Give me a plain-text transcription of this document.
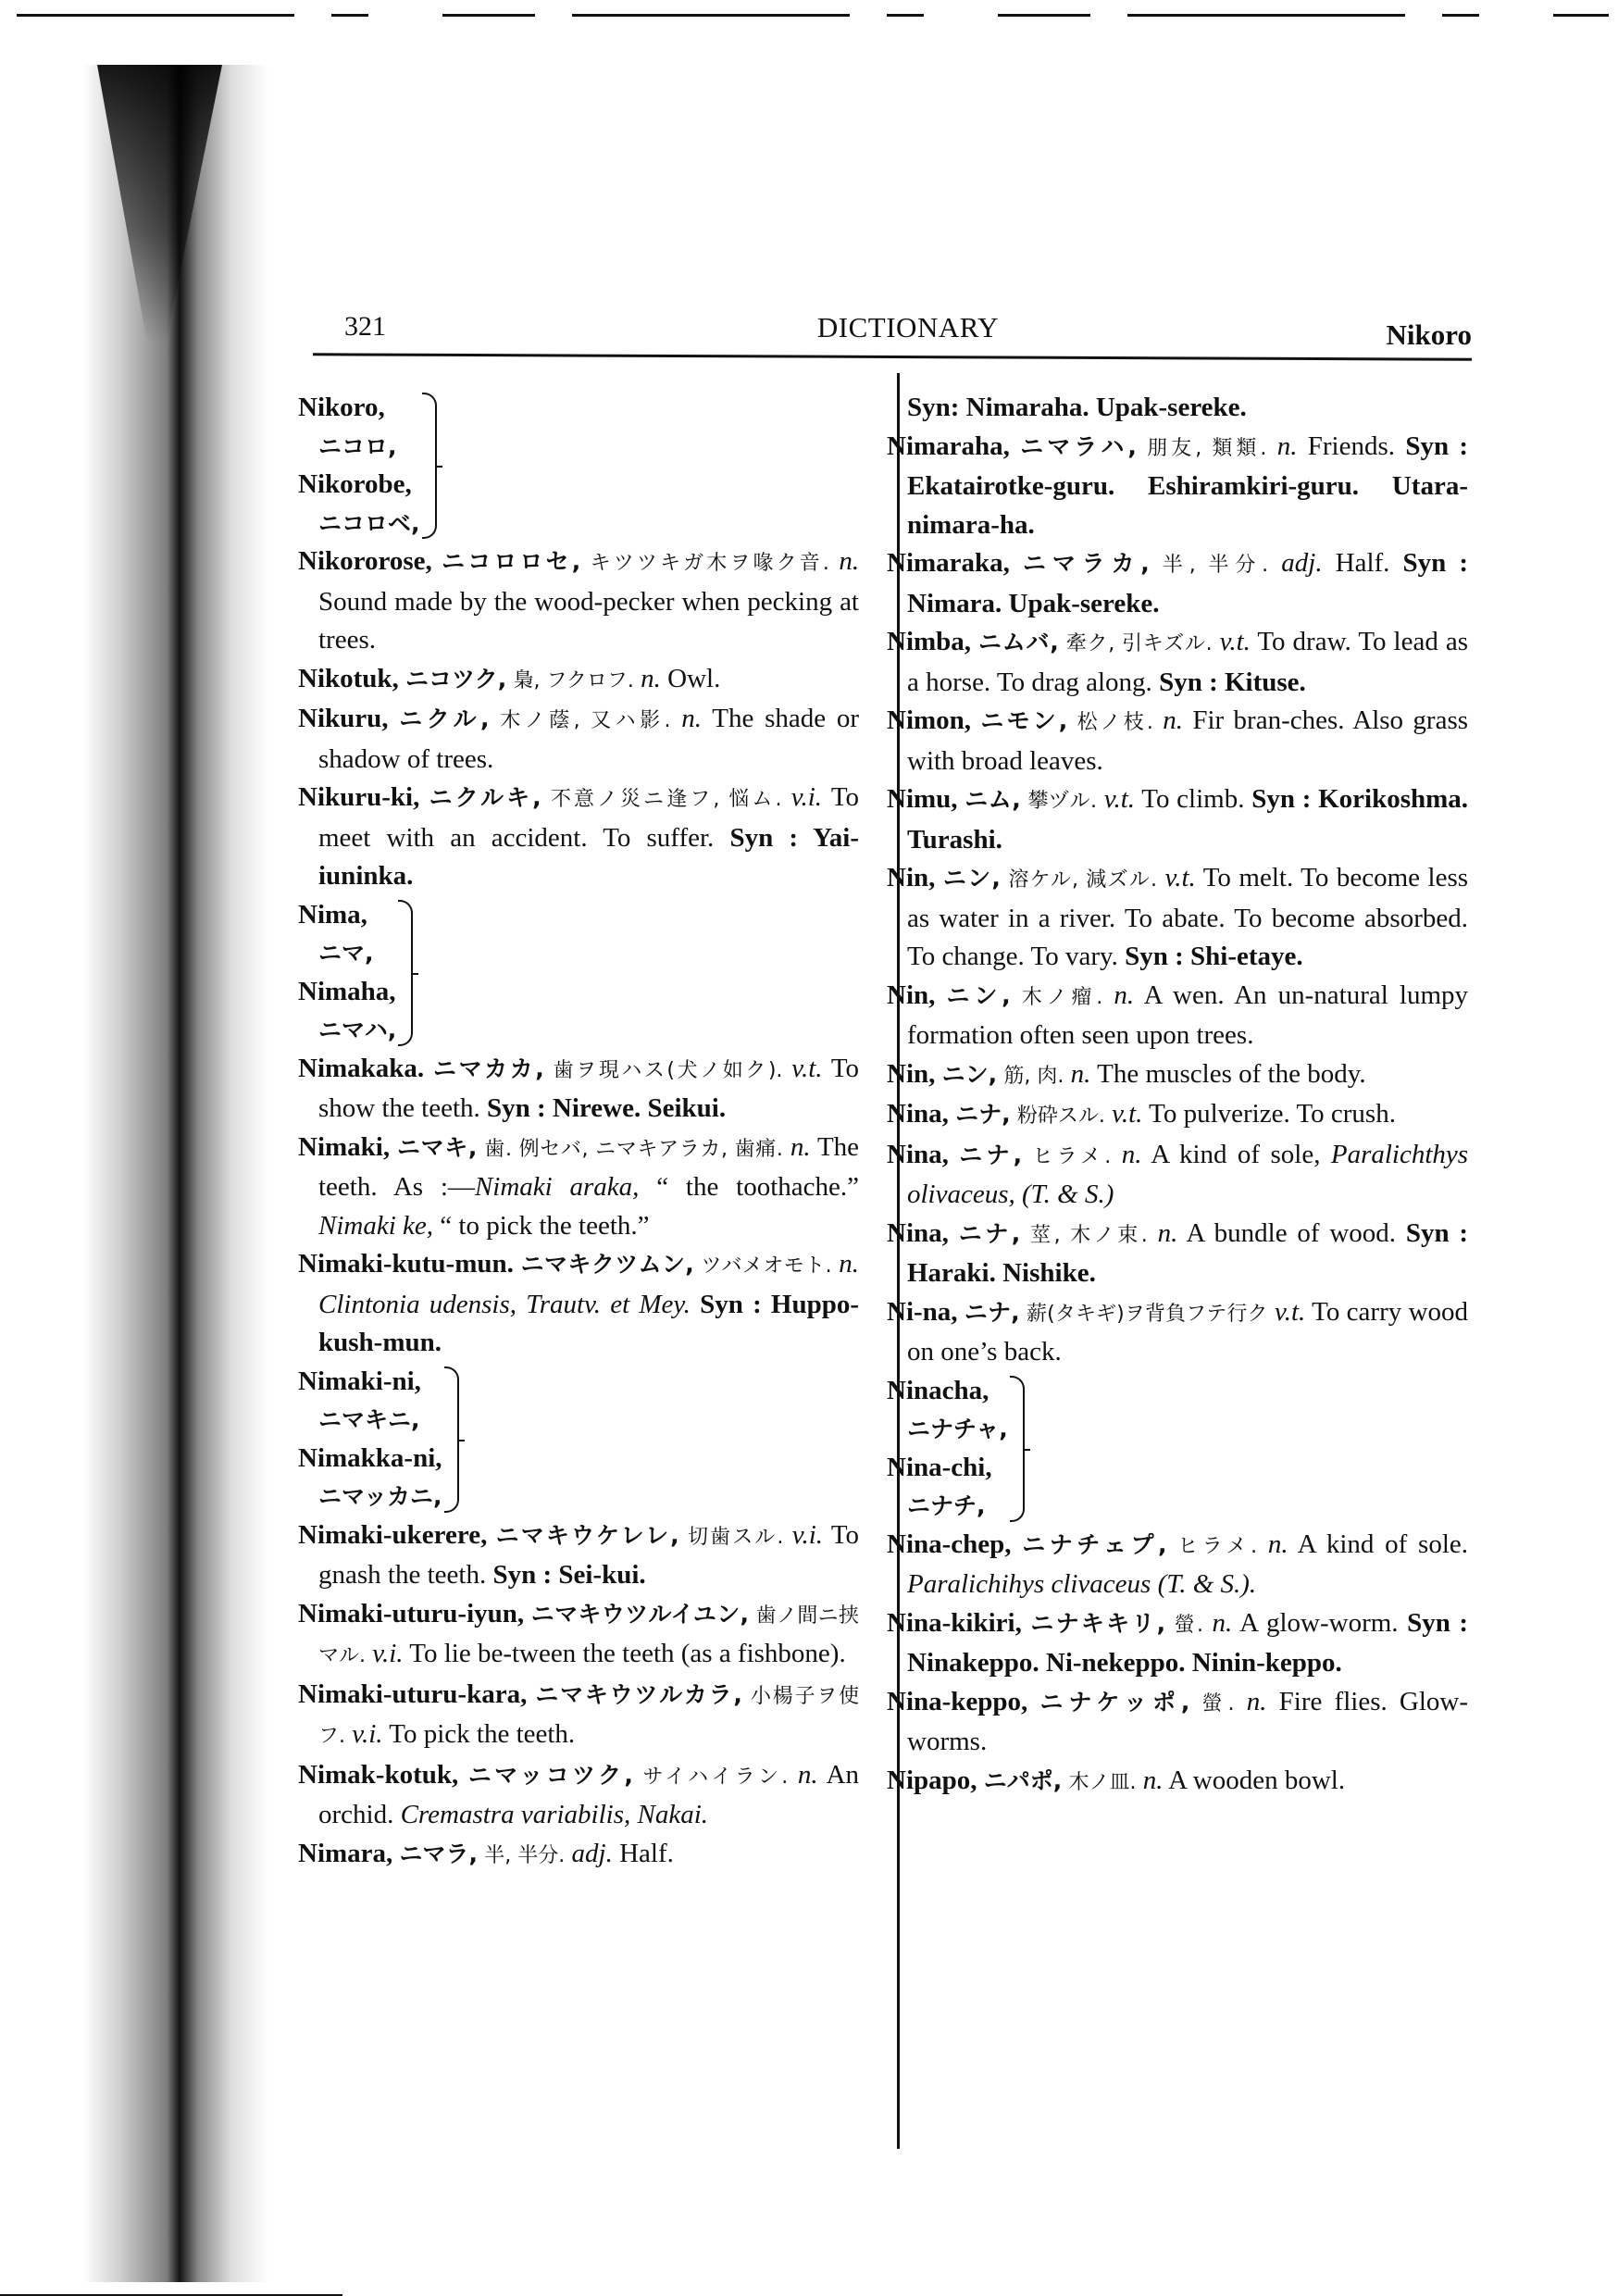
321	DICTIONARY	Nikoro
Nikoro,
ニコロ,
Nikorobe,
ニコロベ,

Nikororose, ニコロロセ, キツツキガ木ヲ喙ク音. n. Sound made by the wood-pecker when pecking at trees.

Nikotuk, ニコツク, 梟, フクロフ. n. Owl.

Nikuru, ニクル, 木ノ蔭, 又ハ影. n. The shade or shadow of trees.

Nikuru-ki, ニクルキ, 不意ノ災ニ逢フ, 悩ム. v.i. To meet with an accident. To suffer. Syn : Yai-iuninka.

Nima,
ニマ,
Nimaha,
ニマハ,

Nimakaka. ニマカカ, 歯ヲ現ハス(犬ノ如ク). v.t. To show the teeth. Syn : Nirewe. Seikui.

Nimaki, ニマキ, 歯. 例セバ, ニマキアラカ, 歯痛. n. The teeth. As :—Nimaki araka, “ the toothache.” Nimaki ke, “ to pick the teeth.”

Nimaki-kutu-mun. ニマキクツムン, ツバメオモト. n. Clintonia udensis, Trautv. et Mey. Syn : Huppo-kush-mun.

Nimaki-ni,
ニマキニ,
Nimakka-ni,
ニマッカニ,

Nimaki-ukerere, ニマキウケレレ, 切歯スル. v.i. To gnash the teeth. Syn : Sei-kui.

Nimaki-uturu-iyun, ニマキウツルイユン, 歯ノ間ニ挟マル. v.i. To lie be-tween the teeth (as a fishbone).

Nimaki-uturu-kara, ニマキウツルカラ, 小楊子ヲ使フ. v.i. To pick the teeth.

Nimak-kotuk, ニマッコツク, サイハイラン. n. An orchid. Cremastra variabilis, Nakai.

Nimara, ニマラ, 半, 半分. adj. Half.

Syn: Nimaraha. Upak-sereke.

Nimaraha, ニマラハ, 朋友, 類類. n. Friends. Syn : Ekatairotke-guru. Eshiramkiri-guru. Utara-nimara-ha.

Nimaraka, ニマラカ, 半, 半分. adj. Half. Syn : Nimara. Upak-sereke.

Nimba, ニムバ, 牽ク, 引キズル. v.t. To draw. To lead as a horse. To drag along. Syn : Kituse.

Nimon, ニモン, 松ノ枝. n. Fir bran-ches. Also grass with broad leaves.

Nimu, ニム, 攀ヅル. v.t. To climb. Syn : Korikoshma. Turashi.

Nin, ニン, 溶ケル, 減ズル. v.t. To melt. To become less as water in a river. To abate. To become absorbed. To change. To vary. Syn : Shi-etaye.

Nin, ニン, 木ノ瘤. n. A wen. An un-natural lumpy formation often seen upon trees.

Nin, ニン, 筋, 肉. n. The muscles of the body.

Nina, ニナ, 粉砕スル. v.t. To pulverize. To crush.

Nina, ニナ, ヒラメ. n. A kind of sole, Paralichthys olivaceus, (T. & S.)

Nina, ニナ, 莖, 木ノ束. n. A bundle of wood. Syn : Haraki. Nishike.

Ni-na, ニナ, 薪(タキギ)ヲ背負フテ行ク v.t. To carry wood on one’s back.

Ninacha,
ニナチャ,
Nina-chi,
ニナチ,

Nina-chep, ニナチェプ, ヒラメ. n. A kind of sole. Paralichihys clivaceus (T. & S.).

Nina-kikiri, ニナキキリ, 螢. n. A glow-worm. Syn : Ninakeppo. Ni-nekeppo. Ninin-keppo.

Nina-keppo, ニナケッポ, 螢. n. Fire flies. Glow-worms.

Nipapo, ニパポ, 木ノ皿. n. A wooden bowl.
